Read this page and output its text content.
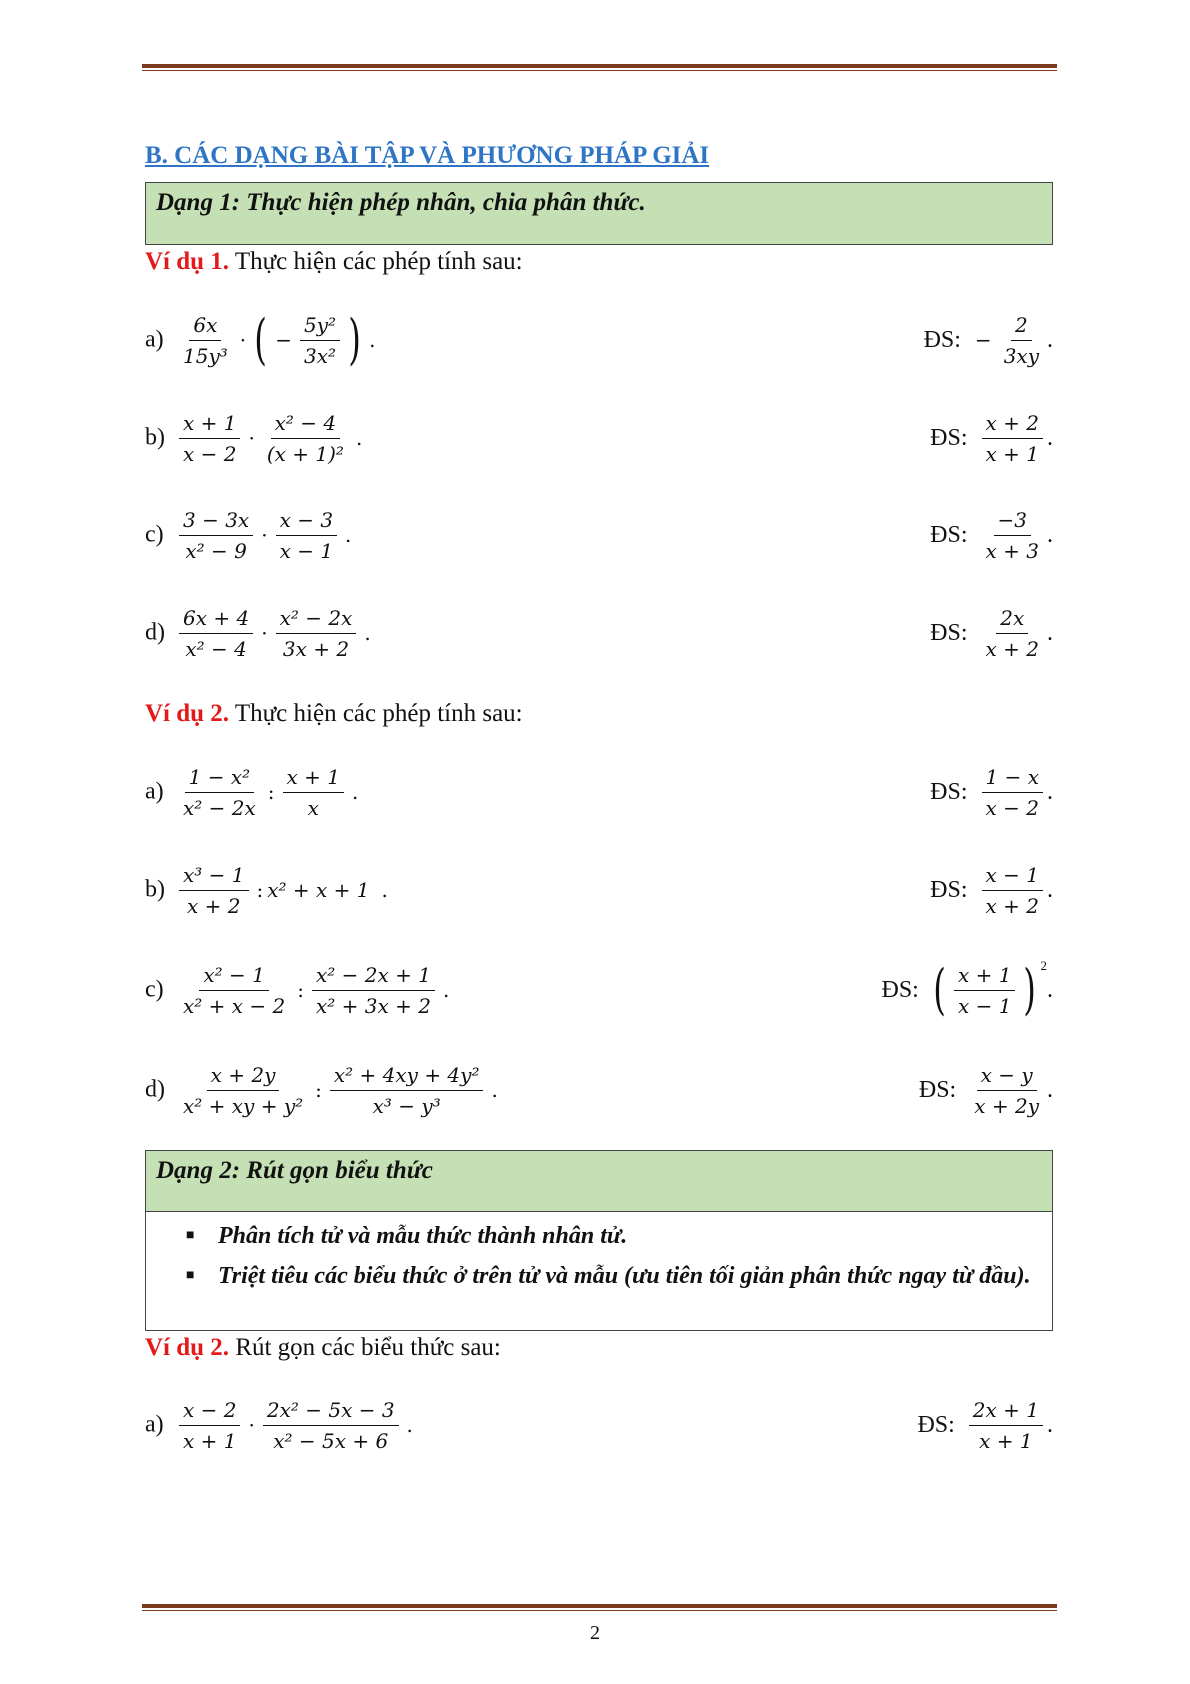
B. CÁC DẠNG BÀI TẬP VÀ PHƯƠNG PHÁP GIẢI
Dạng 1: Thực hiện phép nhân, chia phân thức.
Ví dụ 1. Thực hiện các phép tính sau:
$a) \frac{6x}{\text{15y³}}$ · ( − $\frac{\text{5y²}}{\text{3x²}}$ ) .	ĐS: − $\frac{2}{3xy}$ .
$b) \frac{x + 1}{x - 2} \cdot \frac{\text{x² − 4}}{\text{(x + 1)²}}$ .	ĐS: $\frac{x + 2}{x + 1}$ .
$c) \frac{3 - 3x}{\text{x² − 9}} \cdot \frac{x - 3}{x - 1}$ .	ĐS: $\frac{-3}{x + 3}$ .
$d) \frac{6x + 4}{\text{x² − 4}} \cdot \frac{\text{x² − 2x}}{3x + 2}$ .	ĐS: $\frac{2x}{x + 2}$ .
Ví dụ 2. Thực hiện các phép tính sau:
$a) \frac{\text{1 − x²}}{\text{x² − 2x}}$ : $\frac{x + 1}{x}$ .	ĐS: $\frac{1 - x}{x - 2}$ .
$b) \frac{\text{x³ − 1}}{x + 2}$ : x² + x + 1 .	ĐS: $\frac{x - 1}{x + 2}$ .
$c) \frac{\text{x² − 1}}{\text{x² + x − 2}}$ : $\frac{\text{x² − 2x + 1}}{\text{x² + 3x + 2}}$ .	ĐS: ( $\frac{x + 1}{x - 1}$ ) 2
.
$d) \frac{x + 2y}{\text{x² + xy + y²}}$ : $\frac{\text{x² + 4xy + 4y²}}{\text{x³ − y³}}$ .	ĐS: $\frac{x - y}{x + 2y}$ .
Dạng 2: Rút gọn biểu thức
■ Phân tích tử và mẫu thức thành nhân tử.
■ Triệt tiêu các biểu thức ở trên tử và mẫu (ưu tiên tối giản phân thức ngay từ đầu).
Ví dụ 2. Rút gọn các biểu thức sau:
$a) \frac{x - 2}{x + 1} \cdot \frac{\text{2x² − 5x − 3}}{\text{x² − 5x + 6}}$ .	ĐS: $\frac{2x + 1}{x + 1}$ .
2
